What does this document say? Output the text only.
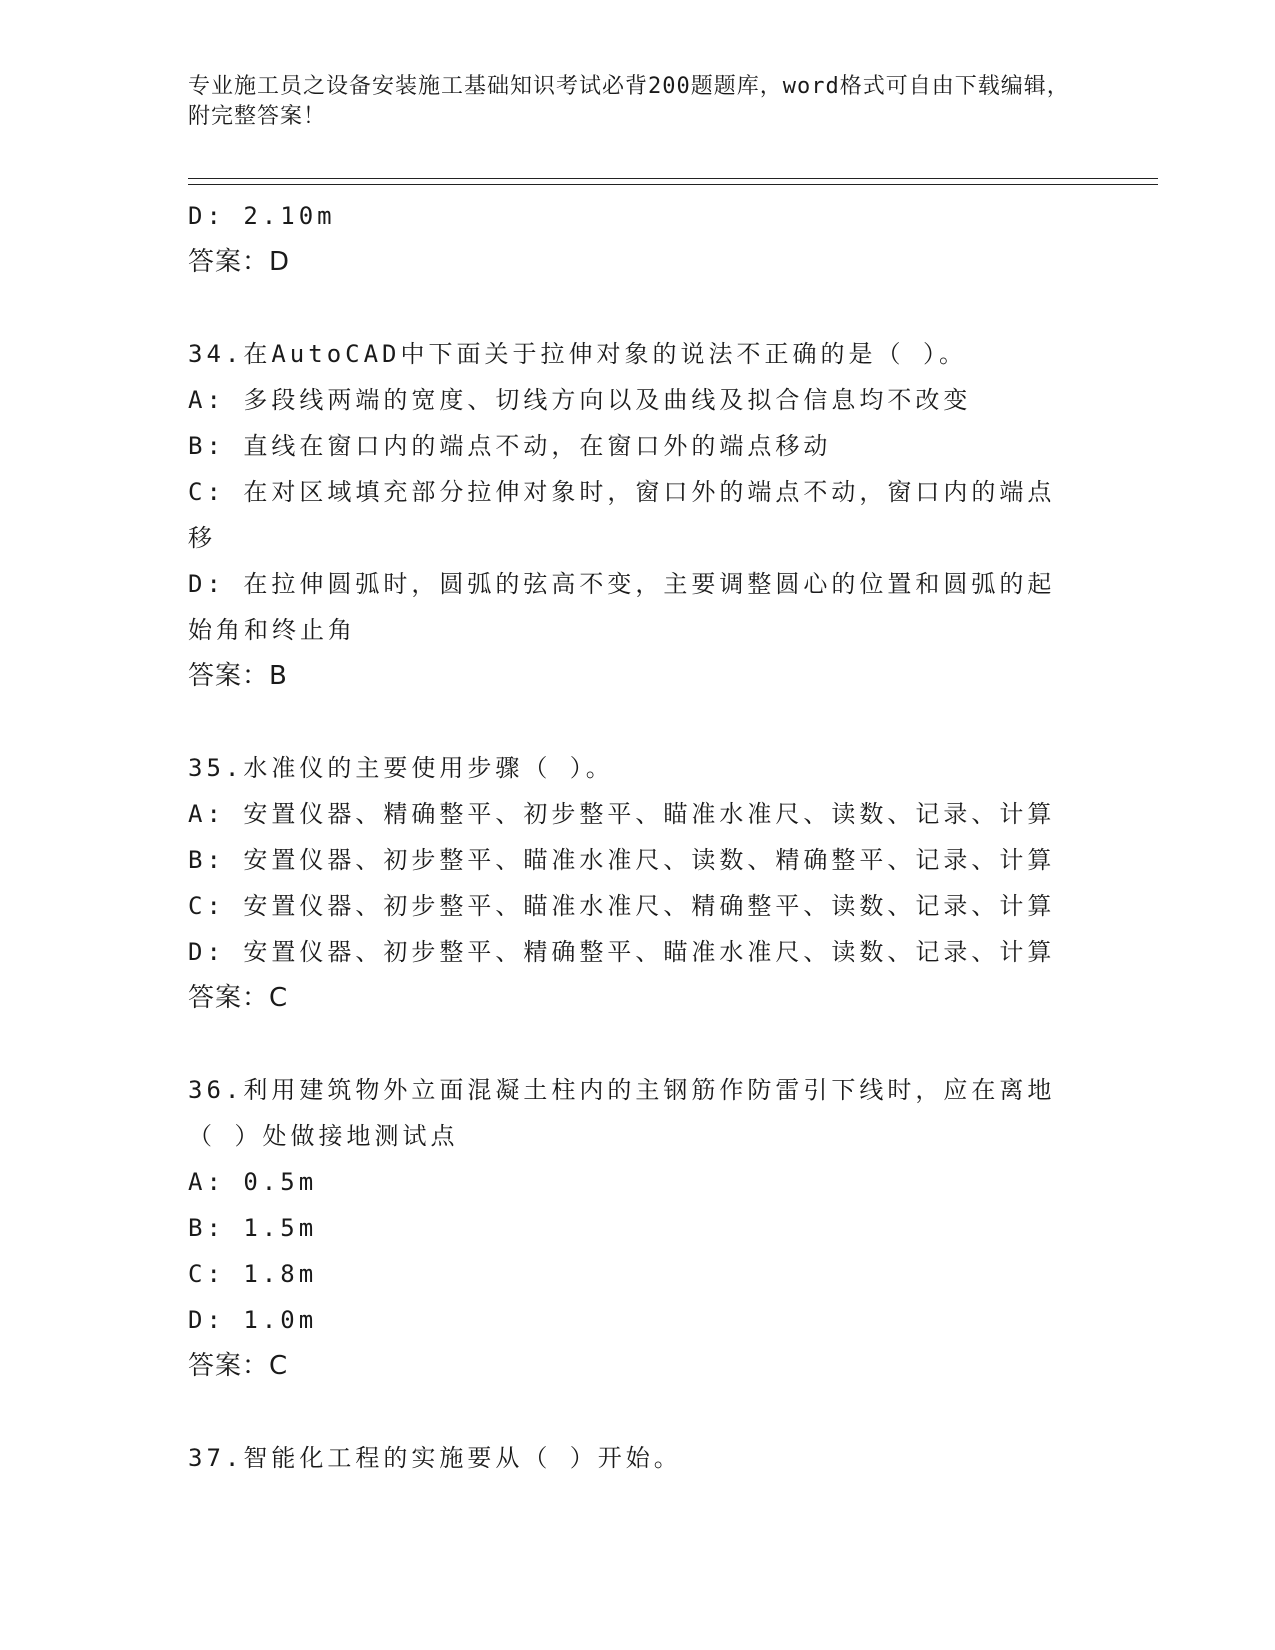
专业施工员之设备安装施工基础知识考试必背200题题库，word格式可自由下载编辑，附完整答案！
D: 2.10m
答案：D
34.在AutoCAD中下面关于拉伸对象的说法不正确的是（ ）。
A: 多段线两端的宽度、切线方向以及曲线及拟合信息均不改变
B: 直线在窗口内的端点不动，在窗口外的端点移动
C: 在对区域填充部分拉伸对象时，窗口外的端点不动，窗口内的端点移
D: 在拉伸圆弧时，圆弧的弦高不变，主要调整圆心的位置和圆弧的起始角和终止角
答案：B
35.水准仪的主要使用步骤（ ）。
A: 安置仪器、精确整平、初步整平、瞄准水准尺、读数、记录、计算
B: 安置仪器、初步整平、瞄准水准尺、读数、精确整平、记录、计算
C: 安置仪器、初步整平、瞄准水准尺、精确整平、读数、记录、计算
D: 安置仪器、初步整平、精确整平、瞄准水准尺、读数、记录、计算
答案：C
36.利用建筑物外立面混凝土柱内的主钢筋作防雷引下线时，应在离地（ ）处做接地测试点
A: 0.5m
B: 1.5m
C: 1.8m
D: 1.0m
答案：C
37.智能化工程的实施要从（ ）开始。
